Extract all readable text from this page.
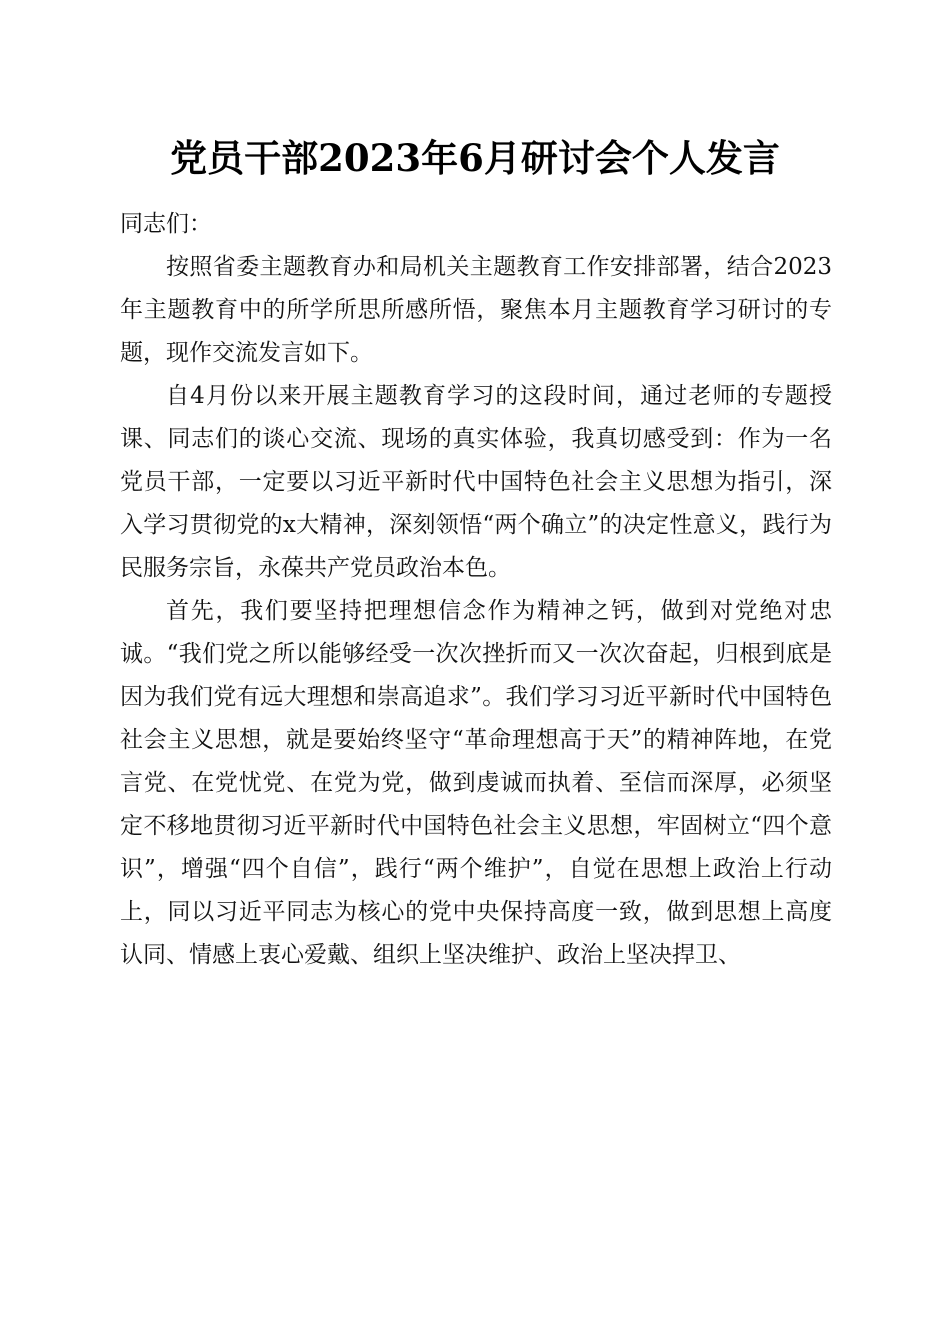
党员干部2023年6月研讨会个人发言

同志们：

按照省委主题教育办和局机关主题教育工作安排部署，结合2023年主题教育中的所学所思所感所悟，聚焦本月主题教育学习研讨的专题，现作交流发言如下。

自4月份以来开展主题教育学习的这段时间，通过老师的专题授课、同志们的谈心交流、现场的真实体验，我真切感受到：作为一名党员干部，一定要以习近平新时代中国特色社会主义思想为指引，深入学习贯彻党的x大精神，深刻领悟“两个确立”的决定性意义，践行为民服务宗旨，永葆共产党员政治本色。

首先，我们要坚持把理想信念作为精神之钙，做到对党绝对忠诚。“我们党之所以能够经受一次次挫折而又一次次奋起，归根到底是因为我们党有远大理想和崇高追求”。我们学习习近平新时代中国特色社会主义思想，就是要始终坚守“革命理想高于天”的精神阵地，在党言党、在党忧党、在党为党，做到虔诚而执着、至信而深厚，必须坚定不移地贯彻习近平新时代中国特色社会主义思想，牢固树立“四个意识”，增强“四个自信”，践行“两个维护”，自觉在思想上政治上行动上，同以习近平同志为核心的党中央保持高度一致，做到思想上高度认同、情感上衷心爱戴、组织上坚决维护、政治上坚决捍卫、
